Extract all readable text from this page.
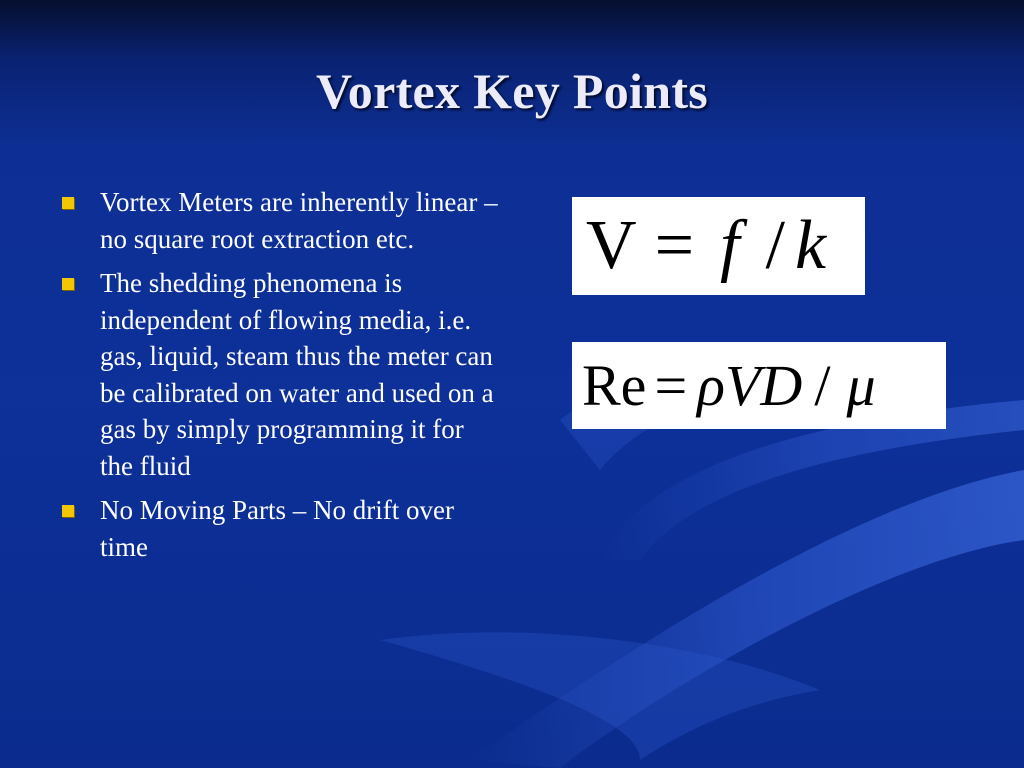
Vortex Key Points
Vortex Meters are inherently linear – no square root extraction etc.
The shedding phenomena is independent of flowing media, i.e. gas, liquid, steam thus the meter can be calibrated on water and used on a gas by simply programming it for the fluid
No Moving Parts – No drift over time
V = f / k
Re = ρVD / μ
